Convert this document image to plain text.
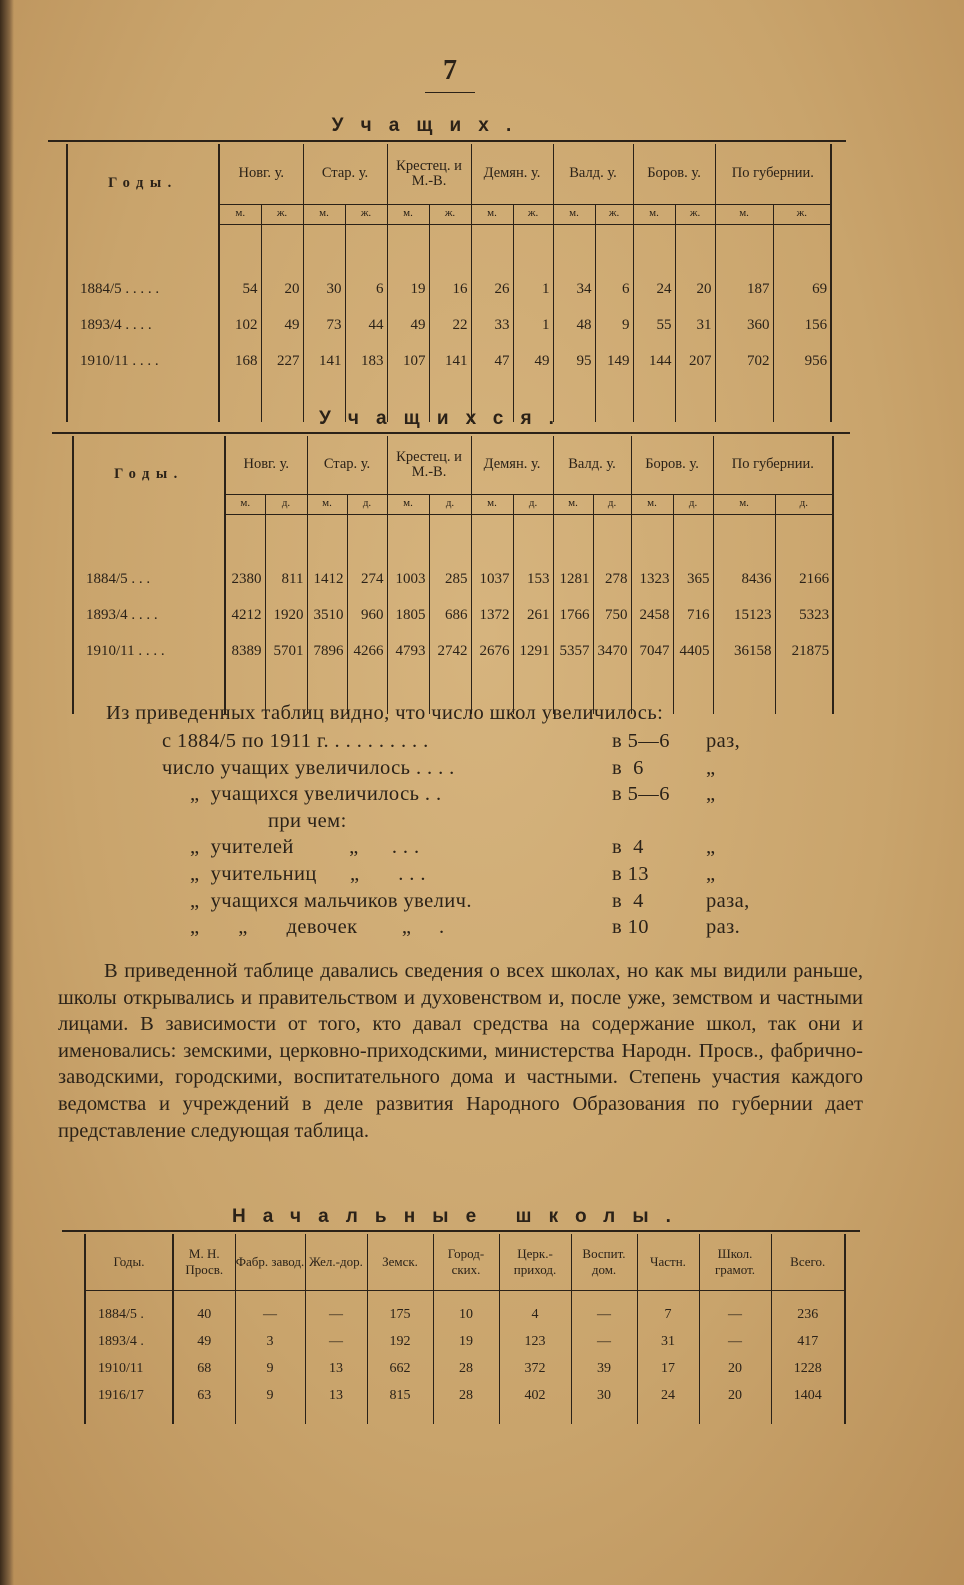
7
Учащих.
Годы.	Новг. у.		Стар. у.		Крестец. и М.-В.		Демян. у.		Валд. у.		Боров. у.		По губернии.	
	м.	ж.	м.	ж.	м.	ж.	м.	ж.	м.	ж.	м.	ж.	м.	ж.

1884/5 . . . . .	54	20	30	6	19	16	26	1	34	6	24	20	187	69
1893/4 . . . .	102	49	73	44	49	22	33	1	48	9	55	31	360	156
1910/11 . . . .	168	227	141	183	107	141	47	49	95	149	144	207	702	956

Учащихся.
Годы.	Новг. у.		Стар. у.		Крестец. и М.-В.		Демян. у.		Валд. у.		Боров. у.		По губернии.	
	м.	д.	м.	д.	м.	д.	м.	д.	м.	д.	м.	д.	м.	д.

1884/5 . . .	2380	811	1412	274	1003	285	1037	153	1281	278	1323	365	8436	2166
1893/4 . . . .	4212	1920	3510	960	1805	686	1372	261	1766	750	2458	716	15123	5323
1910/11 . . . .	8389	5701	7896	4266	4793	2742	2676	1291	5357	3470	7047	4405	36158	21875

Из приведенных таблиц видно, что число школ увеличилось:
с 1884/5 по 1911 г. . . . . . . . . .	в 5—6 раз,
число учащих увеличилось . . . .	в  6	„
„  учащихся увеличилось . .	в 5—6 „
при чем:
„  учителей          „      . . .	в  4	„
„  учительниц      „       . . .	в 13	„
„  учащихся мальчиков увелич.	в  4	раза,
„       „       девочек        „     .	в 10	раз.
В приведенной таблице давались сведения о всех школах, но как мы видили раньше, школы открывались и правительством и духовенством и, после уже, земством и частными лицами. В зависимости от того, кто давал средства на содержание школ, так они и именовались: земскими, церковно-приходскими, министерства Народн. Просв., фабрично-заводскими, городскими, воспитательного дома и частными. Степень участия каждого ведомства и учреждений в деле развития Народного Образования по губернии дает представление следующая таблица.
Начальные школы.
Годы.	М. Н. Просв.	Фабр. завод.	Жел.-дор.	Земск.	Город-ских.	Церк.-приход.	Воспит. дом.	Частн.	Школ. грамот.	Всего.

1884/5 .	40	—	—	175	10	4	—	7	—	236
1893/4 .	49	3	—	192	19	123	—	31	—	417
1910/11	68	9	13	662	28	372	39	17	20	1228
1916/17	63	9	13	815	28	402	30	24	20	1404
